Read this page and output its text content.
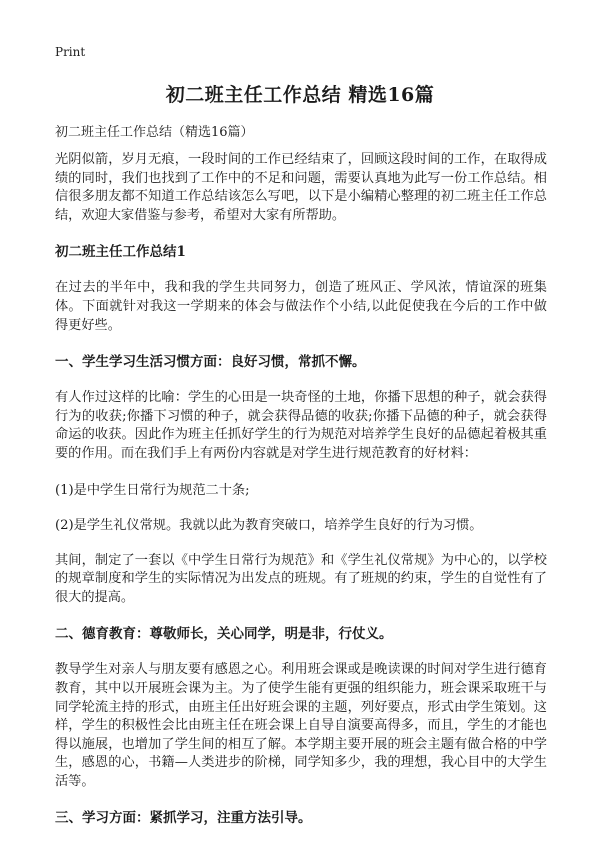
Print
初二班主任工作总结 精选16篇
初二班主任工作总结（精选16篇）

光阴似箭，岁月无痕，一段时间的工作已经结束了，回顾这段时间的工作，在取得成绩的同时，我们也找到了工作中的不足和问题，需要认真地为此写一份工作总结。相信很多朋友都不知道工作总结该怎么写吧，以下是小编精心整理的初二班主任工作总结，欢迎大家借鉴与参考，希望对大家有所帮助。

初二班主任工作总结1

在过去的半年中，我和我的学生共同努力，创造了班风正、学风浓，情谊深的班集体。下面就针对我这一学期来的体会与做法作个小结,以此促使我在今后的工作中做得更好些。

一、学生学习生活习惯方面：良好习惯，常抓不懈。

有人作过这样的比喻：学生的心田是一块奇怪的土地，你播下思想的种子，就会获得行为的收获;你播下习惯的种子，就会获得品德的收获;你播下品德的种子，就会获得命运的收获。因此作为班主任抓好学生的行为规范对培养学生良好的品德起着极其重要的作用。而在我们手上有两份内容就是对学生进行规范教育的好材料：

(1)是中学生日常行为规范二十条;
(2)是学生礼仪常规。我就以此为教育突破口，培养学生良好的行为习惯。

其间，制定了一套以《中学生日常行为规范》和《学生礼仪常规》为中心的，以学校的规章制度和学生的实际情况为出发点的班规。有了班规的约束，学生的自觉性有了很大的提高。

二、德育教育：尊敬师长，关心同学，明是非，行仗义。

教导学生对亲人与朋友要有感恩之心。利用班会课或是晚读课的时间对学生进行德育教育，其中以开展班会课为主。为了使学生能有更强的组织能力，班会课采取班干与同学轮流主持的形式，由班主任出好班会课的主题，列好要点，形式由学生策划。这样，学生的积极性会比由班主任在班会课上自导自演要高得多，而且，学生的才能也得以施展，也增加了学生间的相互了解。本学期主要开展的班会主题有做合格的中学生，感恩的心，书籍—人类进步的阶梯，同学知多少，我的理想，我心目中的大学生活等。

三、学习方面：紧抓学习，注重方法引导。
